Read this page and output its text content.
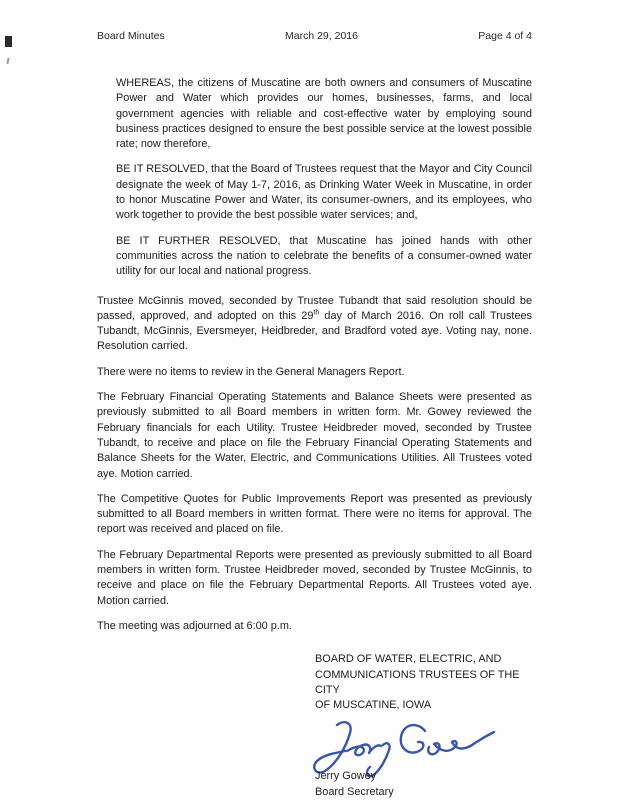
Board Minutes	March 29, 2016	Page 4 of 4

WHEREAS, the citizens of Muscatine are both owners and consumers of Muscatine Power and Water which provides our homes, businesses, farms, and local government agencies with reliable and cost-effective water by employing sound business practices designed to ensure the best possible service at the lowest possible rate; now therefore,

BE IT RESOLVED, that the Board of Trustees request that the Mayor and City Council designate the week of May 1-7, 2016, as Drinking Water Week in Muscatine, in order to honor Muscatine Power and Water, its consumer-owners, and its employees, who work together to provide the best possible water services; and,

BE IT FURTHER RESOLVED, that Muscatine has joined hands with other communities across the nation to celebrate the benefits of a consumer-owned water utility for our local and national progress.

Trustee McGinnis moved, seconded by Trustee Tubandt that said resolution should be passed, approved, and adopted on this 29th day of March 2016. On roll call Trustees Tubandt, McGinnis, Eversmeyer, Heidbreder, and Bradford voted aye. Voting nay, none. Resolution carried.

There were no items to review in the General Managers Report.

The February Financial Operating Statements and Balance Sheets were presented as previously submitted to all Board members in written form. Mr. Gowey reviewed the February financials for each Utility. Trustee Heidbreder moved, seconded by Trustee Tubandt, to receive and place on file the February Financial Operating Statements and Balance Sheets for the Water, Electric, and Communications Utilities. All Trustees voted aye. Motion carried.

The Competitive Quotes for Public Improvements Report was presented as previously submitted to all Board members in written format. There were no items for approval. The report was received and placed on file.

The February Departmental Reports were presented as previously submitted to all Board members in written form. Trustee Heidbreder moved, seconded by Trustee McGinnis, to receive and place on file the February Departmental Reports. All Trustees voted aye. Motion carried.

The meeting was adjourned at 6:00 p.m.

BOARD OF WATER, ELECTRIC, AND
COMMUNICATIONS TRUSTEES OF THE CITY
OF MUSCATINE, IOWA
Jerry Gowey
Board Secretary
